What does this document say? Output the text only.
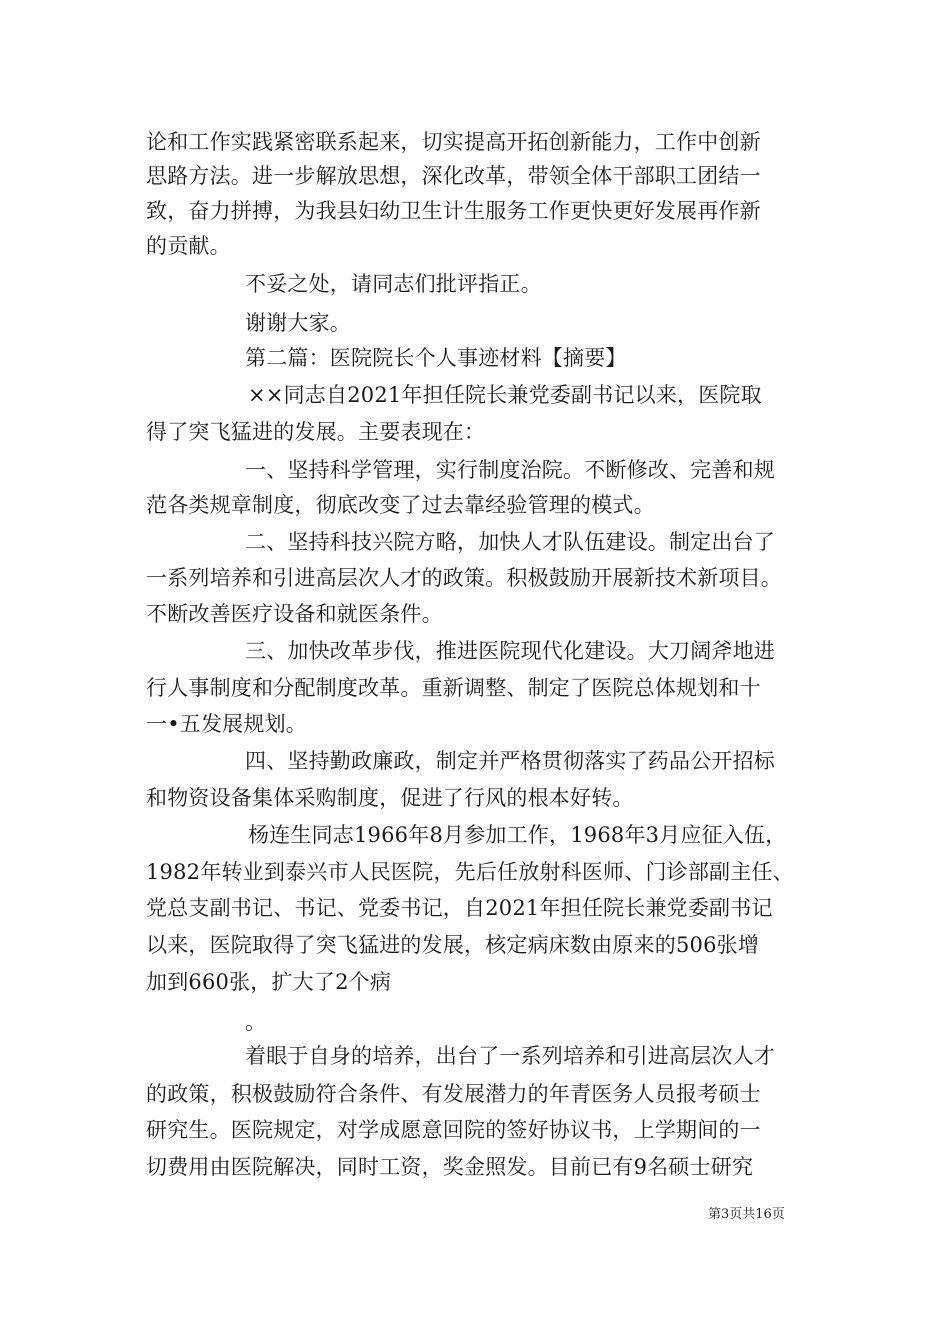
论和工作实践紧密联系起来，切实提高开拓创新能力，工作中创新
思路方法。进一步解放思想，深化改革，带领全体干部职工团结一
致，奋力拼搏，为我县妇幼卫生计生服务工作更快更好发展再作新
的贡献。
不妥之处，请同志们批评指正。
谢谢大家。
第二篇：医院院长个人事迹材料【摘要】
××同志自2021年担任院长兼党委副书记以来，医院取
得了突飞猛进的发展。主要表现在：
一、坚持科学管理，实行制度治院。不断修改、完善和规
范各类规章制度，彻底改变了过去靠经验管理的模式。
二、坚持科技兴院方略，加快人才队伍建设。制定出台了
一系列培养和引进高层次人才的政策。积极鼓励开展新技术新项目。
不断改善医疗设备和就医条件。
三、加快改革步伐，推进医院现代化建设。大刀阔斧地进
行人事制度和分配制度改革。重新调整、制定了医院总体规划和十
一•五发展规划。
四、坚持勤政廉政，制定并严格贯彻落实了药品公开招标
和物资设备集体采购制度，促进了行风的根本好转。
杨连生同志1966年8月参加工作，1968年3月应征入伍，
1982年转业到泰兴市人民医院，先后任放射科医师、门诊部副主任、
党总支副书记、书记、党委书记，自2021年担任院长兼党委副书记
以来，医院取得了突飞猛进的发展，核定病床数由原来的506张增
加到660张，扩大了2个病
。
着眼于自身的培养，出台了一系列培养和引进高层次人才
的政策，积极鼓励符合条件、有发展潜力的年青医务人员报考硕士
研究生。医院规定，对学成愿意回院的签好协议书，上学期间的一
切费用由医院解决，同时工资，奖金照发。目前已有9名硕士研究
第3页共16页
